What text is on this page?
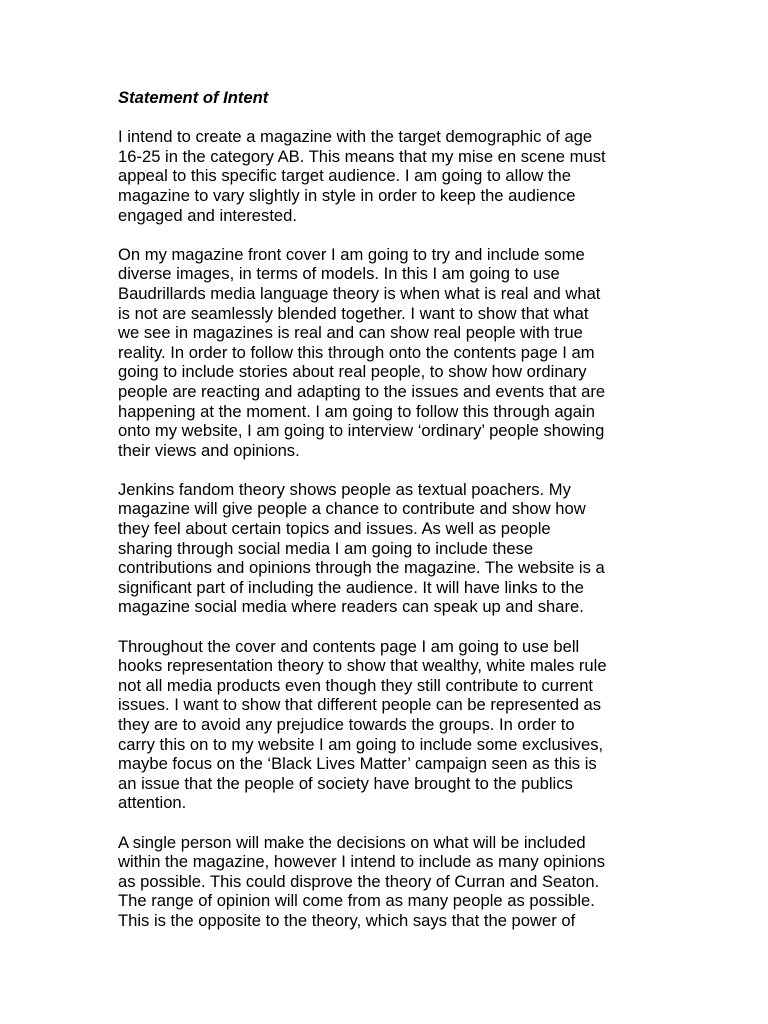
Statement of Intent
I intend to create a magazine with the target demographic of age
16-25 in the category AB. This means that my mise en scene must
appeal to this specific target audience. I am going to allow the
magazine to vary slightly in style in order to keep the audience
engaged and interested.
On my magazine front cover I am going to try and include some
diverse images, in terms of models. In this I am going to use
Baudrillards media language theory is when what is real and what
is not are seamlessly blended together. I want to show that what
we see in magazines is real and can show real people with true
reality. In order to follow this through onto the contents page I am
going to include stories about real people, to show how ordinary
people are reacting and adapting to the issues and events that are
happening at the moment. I am going to follow this through again
onto my website, I am going to interview ‘ordinary’ people showing
their views and opinions.
Jenkins fandom theory shows people as textual poachers. My
magazine will give people a chance to contribute and show how
they feel about certain topics and issues. As well as people
sharing through social media I am going to include these
contributions and opinions through the magazine. The website is a
significant part of including the audience. It will have links to the
magazine social media where readers can speak up and share.
Throughout the cover and contents page I am going to use bell
hooks representation theory to show that wealthy, white males rule
not all media products even though they still contribute to current
issues. I want to show that different people can be represented as
they are to avoid any prejudice towards the groups. In order to
carry this on to my website I am going to include some exclusives,
maybe focus on the ‘Black Lives Matter’ campaign seen as this is
an issue that the people of society have brought to the publics
attention.
A single person will make the decisions on what will be included
within the magazine, however I intend to include as many opinions
as possible. This could disprove the theory of Curran and Seaton.
The range of opinion will come from as many people as possible.
This is the opposite to the theory, which says that the power of
